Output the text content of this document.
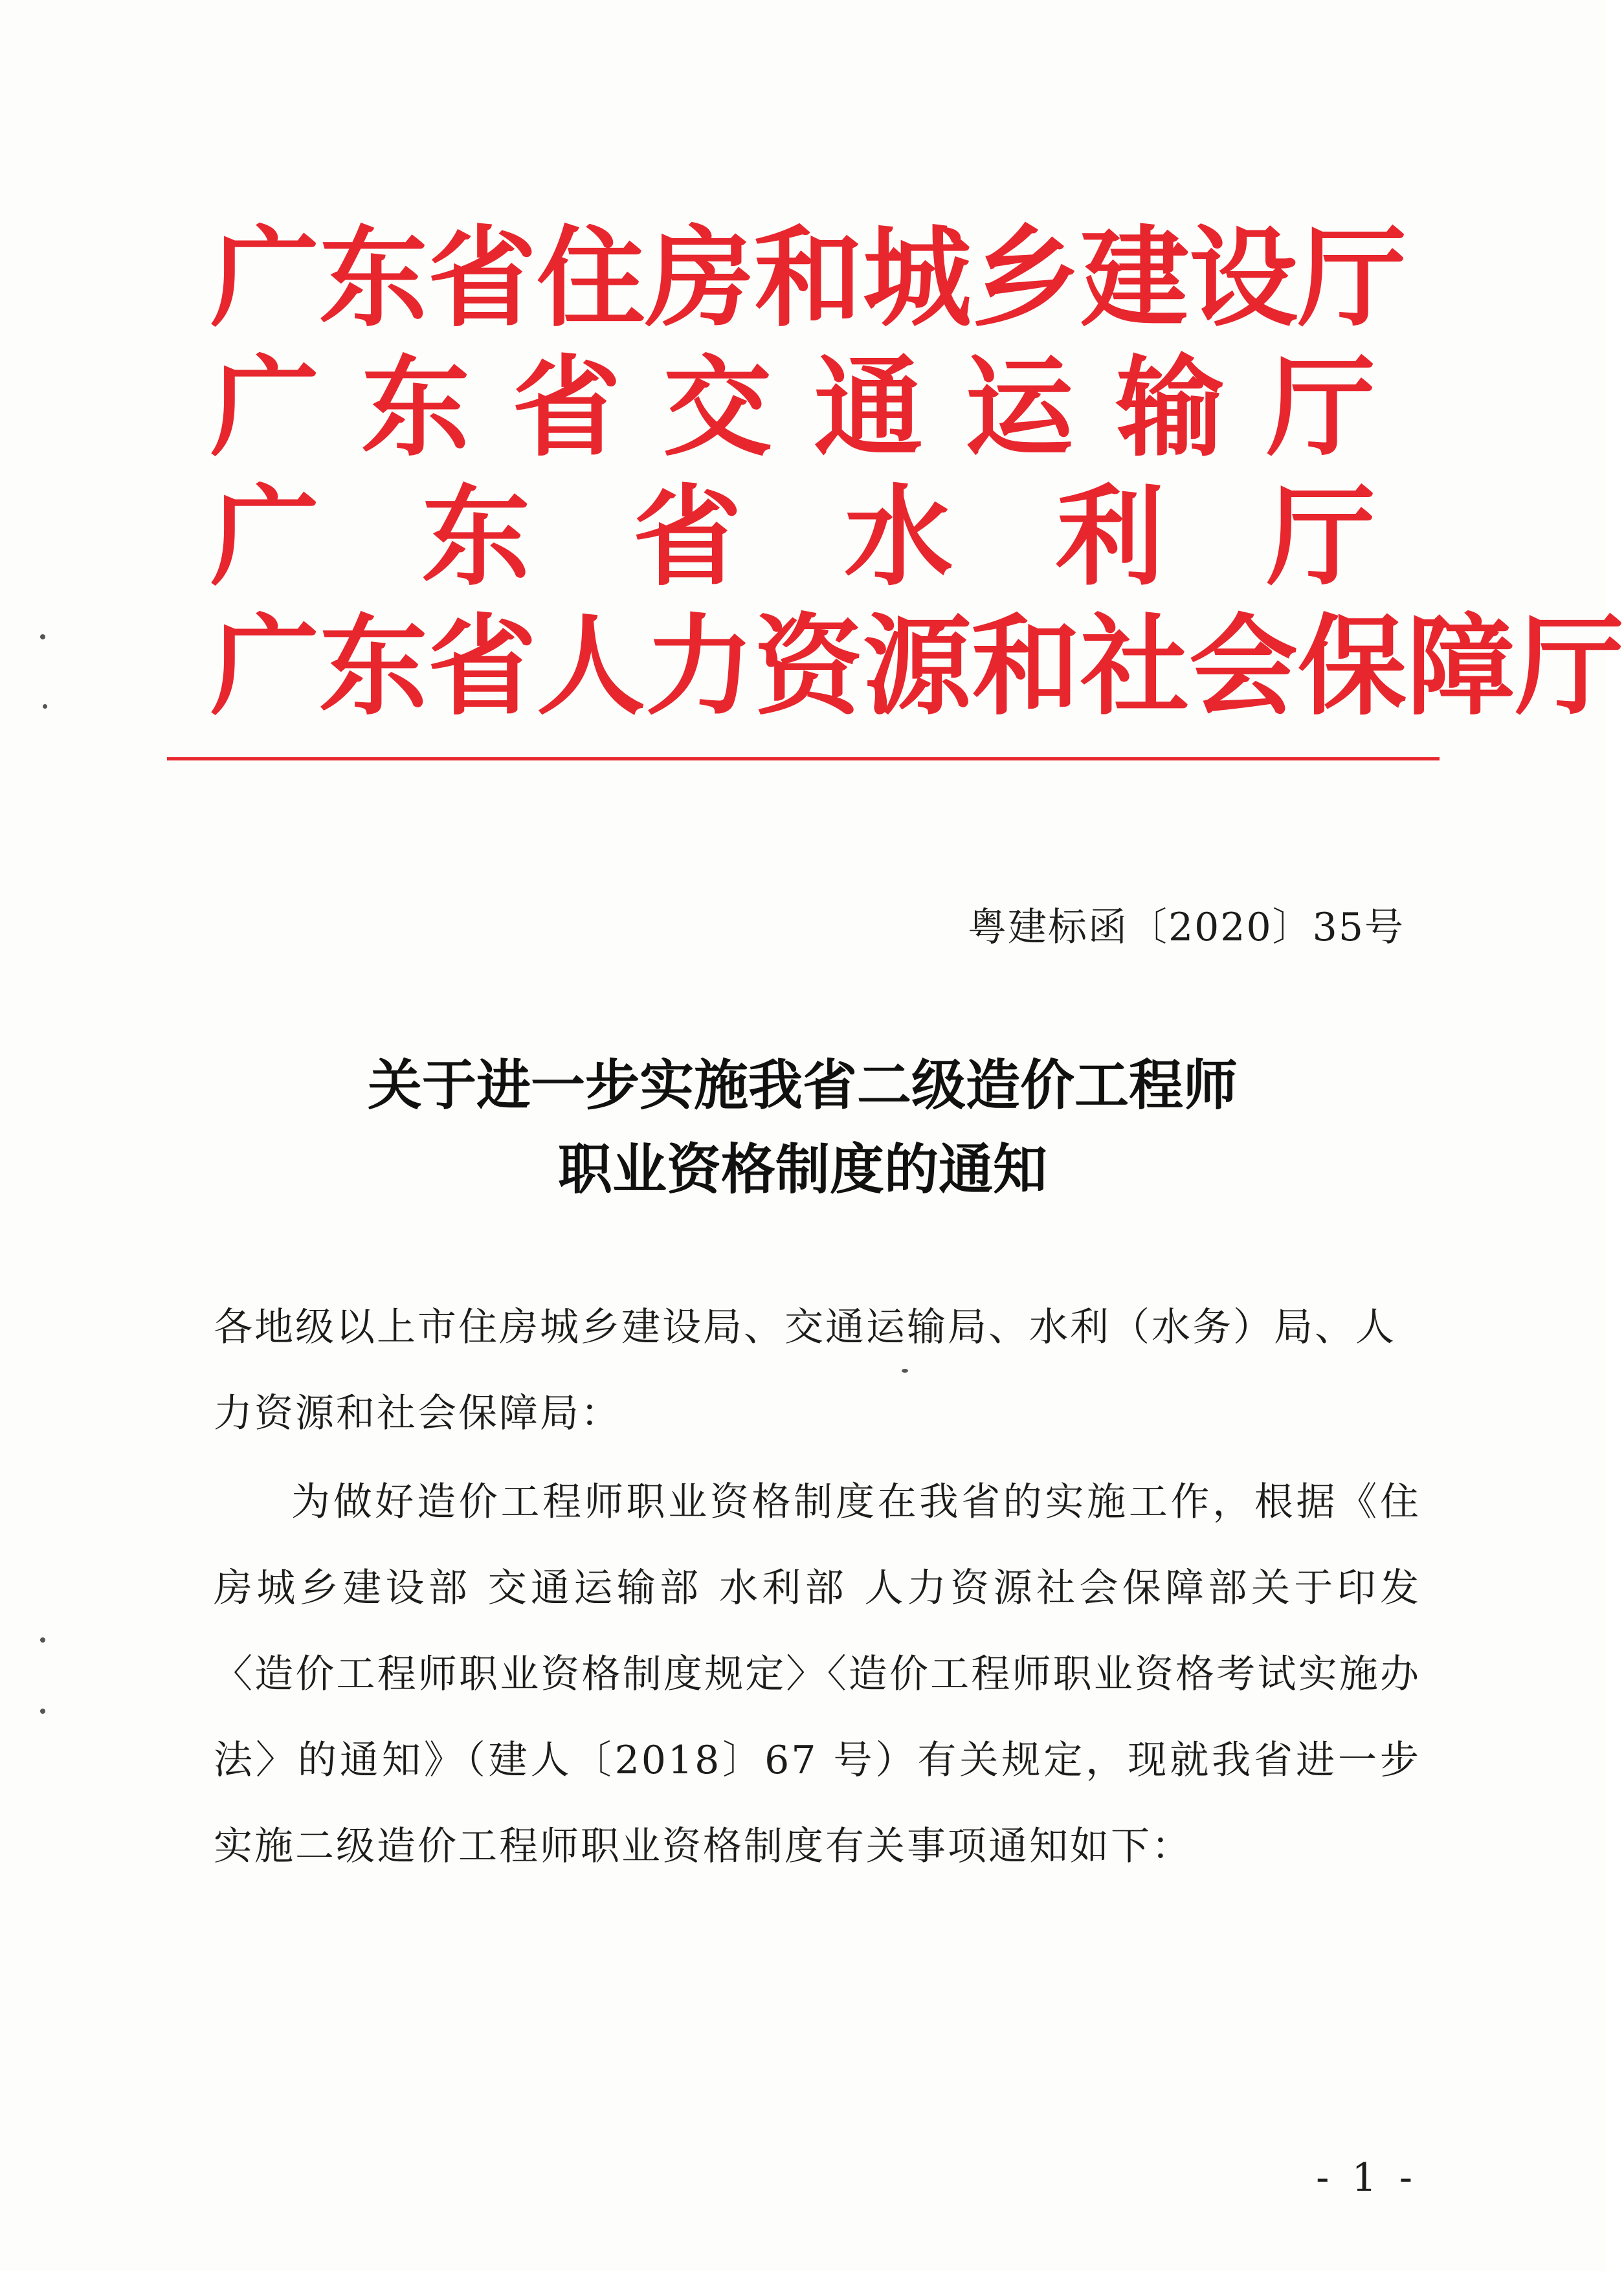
广 东 省 住 房 和 城 乡 建 设 厅
广 东 省 交 通 运 输 厅
广 东 省 水 利 厅
广 东 省 人 力 资 源 和 社 会 保 障 厅
粤建标函〔2020〕35号
关于进一步实施我省二级造价工程师
职业资格制度的通知
各地级以上市住房城乡建设局、交通运输局、水利（水务）局、人力资源和社会保障局：
为做好造价工程师职业资格制度在我省的实施工作，根据《住房城乡建设部 交通运输部 水利部 人力资源社会保障部关于印发〈造价工程师职业资格制度规定〉〈造价工程师职业资格考试实施办法〉的通知》（建人〔2018〕67 号）有关规定，现就我省进一步实施二级造价工程师职业资格制度有关事项通知如下：
- 1 -
